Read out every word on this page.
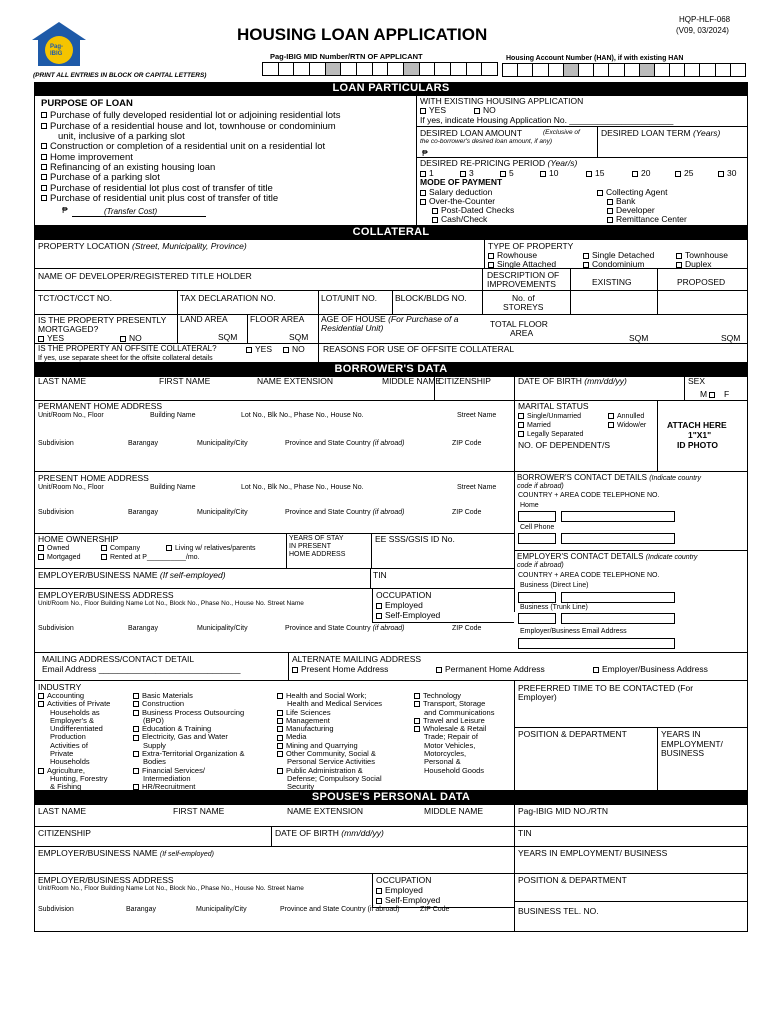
Pag-
IBIG
HOUSING LOAN APPLICATION
HQP-HLF-068
(V09, 03/2024)
Pag-IBIG MID Number/RTN OF APPLICANT	Housing Account Number (HAN), if with existing HAN
(PRINT ALL ENTRIES IN BLOCK OR CAPITAL LETTERS)
LOAN PARTICULARS
PURPOSE OF LOAN
Purchase of fully developed residential lot or adjoining residential lots
Purchase of a residential house and lot, townhouse or condominium
unit, inclusive of a parking slot
Construction or completion of a residential unit on a residential lot
Home improvement
Refinancing of an existing housing loan
Purchase of a parking slot
Purchase of residential lot plus cost of transfer of title
Purchase of residential unit plus cost of transfer of title
₱	(Transfer Cost)
WITH EXISTING HOUSING APPLICATION
YES	NO
If yes, indicate Housing Application No. ______________________
DESIRED LOAN AMOUNT	(Exclusive of
the co-borrower's desired loan amount, if any)
₱
DESIRED LOAN TERM (Years)
DESIRED RE-PRICING PERIOD (Year/s)
1	3	5	10	15	20	25	30
MODE OF PAYMENT
Salary deduction
Over-the-Counter
Post-Dated Checks
Cash/Check
Collecting Agent
Bank
Developer
Remittance Center
COLLATERAL
PROPERTY LOCATION (Street, Municipality, Province)	TYPE OF PROPERTY
Rowhouse	Single Detached	Townhouse
Single Attached	Condominium	Duplex
NAME OF DEVELOPER/REGISTERED TITLE HOLDER	DESCRIPTION OF
IMPROVEMENTS	EXISTING	PROPOSED
TCT/OCT/CCT NO.	TAX DECLARATION NO.	LOT/UNIT NO. BLOCK/BLDG NO.	No. of
STOREYS
IS THE PROPERTY PRESENTLY
MORTGAGED?
YES	NO
LAND AREA
SQM
FLOOR AREA
SQM
AGE OF HOUSE (For Purchase of a
Residential Unit)	TOTAL FLOOR
AREA	SQM	SQM
IS THE PROPERTY AN OFFSITE COLLATERAL?	YES	NO
If yes, use separate sheet for the offsite collateral details
REASONS FOR USE OF OFFSITE COLLATERAL
BORROWER'S DATA
LAST NAME	FIRST NAME	NAME EXTENSION	MIDDLE NAME
CITIZENSHIP	DATE OF BIRTH (mm/dd/yy)	SEX
M	F
PERMANENT HOME ADDRESS
Unit/Room No., Floor	Building Name	Lot No., Blk No., Phase No., House No.	Street Name
Subdivision	Barangay	Municipality/City	Province and State Country (if abroad)	ZIP Code
MARITAL STATUS
Single/Unmarried	Annulled
Married	Widow/er
Legally Separated
NO. OF DEPENDENT/S
ATTACH HERE
1"X1"
ID PHOTO
PRESENT HOME ADDRESS
Unit/Room No., Floor	Building Name	Lot No., Blk No., Phase No., House No.	Street Name
Subdivision	Barangay	Municipality/City	Province and State Country (if abroad)	ZIP Code
BORROWER'S CONTACT DETAILS (Indicate country
code if abroad)
COUNTRY + AREA CODE TELEPHONE NO.
Home
Cell Phone
HOME OWNERSHIP
Owned	Company	Living w/ relatives/parents
Mortgaged	Rented at P__________/mo.
YEARS OF STAY
IN PRESENT
HOME ADDRESS
EE SSS/GSIS ID No.
EMPLOYER'S CONTACT DETAILS (Indicate country
code if abroad)
COUNTRY + AREA CODE TELEPHONE NO.
Business (Direct Line)
Business (Trunk Line)
Employer/Business Email Address
EMPLOYER/BUSINESS NAME (If self-employed)	TIN
EMPLOYER/BUSINESS ADDRESS
Unit/Room No., Floor Building Name Lot No., Block No., Phase No., House No. Street Name
OCCUPATION
Employed
Self-Employed
Subdivision	Barangay	Municipality/City	Province and State Country (if abroad)	ZIP Code
MAILING ADDRESS/CONTACT DETAIL
Email Address ______________________________
ALTERNATE MAILING ADDRESS
Present Home Address	Permanent Home Address	Employer/Business Address
INDUSTRY
Accounting
Activities of Private
Households as
Employer's &
Undifferentiated
Production
Activities of
Private
Households
Agriculture,
Hunting, Forestry
& Fishing
Basic Materials
Construction
Business Process Outsourcing
(BPO)
Education & Training
Electricity, Gas and Water
Supply
Extra-Territorial Organization &
Bodies
Financial Services/
Intermediation
HR/Recruitment
Health and Social Work;
Health and Medical Services
Life Sciences
Management
Manufacturing
Media
Mining and Quarrying
Other Community, Social &
Personal Service Activities
Public Administration &
Defense; Compulsory Social
Security
Technology
Transport, Storage
and Communications
Travel and Leisure
Wholesale & Retail
Trade; Repair of
Motor Vehicles,
Motorcycles,
Personal &
Household Goods
PREFERRED TIME TO BE CONTACTED (For
Employer)
POSITION & DEPARTMENT	YEARS IN
EMPLOYMENT/
BUSINESS
SPOUSE'S PERSONAL DATA
LAST NAME	FIRST NAME	NAME EXTENSION	MIDDLE NAME	Pag-IBIG MID NO./RTN
CITIZENSHIP	DATE OF BIRTH (mm/dd/yy)	TIN
EMPLOYER/BUSINESS NAME (If self-employed)	YEARS IN EMPLOYMENT/ BUSINESS
EMPLOYER/BUSINESS ADDRESS
Unit/Room No., Floor Building Name Lot No., Block No., Phase No., House No. Street Name
OCCUPATION
Employed
Self-Employed
POSITION & DEPARTMENT
Subdivision	Barangay	Municipality/City	Province and State Country (if abroad)	ZIP Code	BUSINESS TEL. NO.
